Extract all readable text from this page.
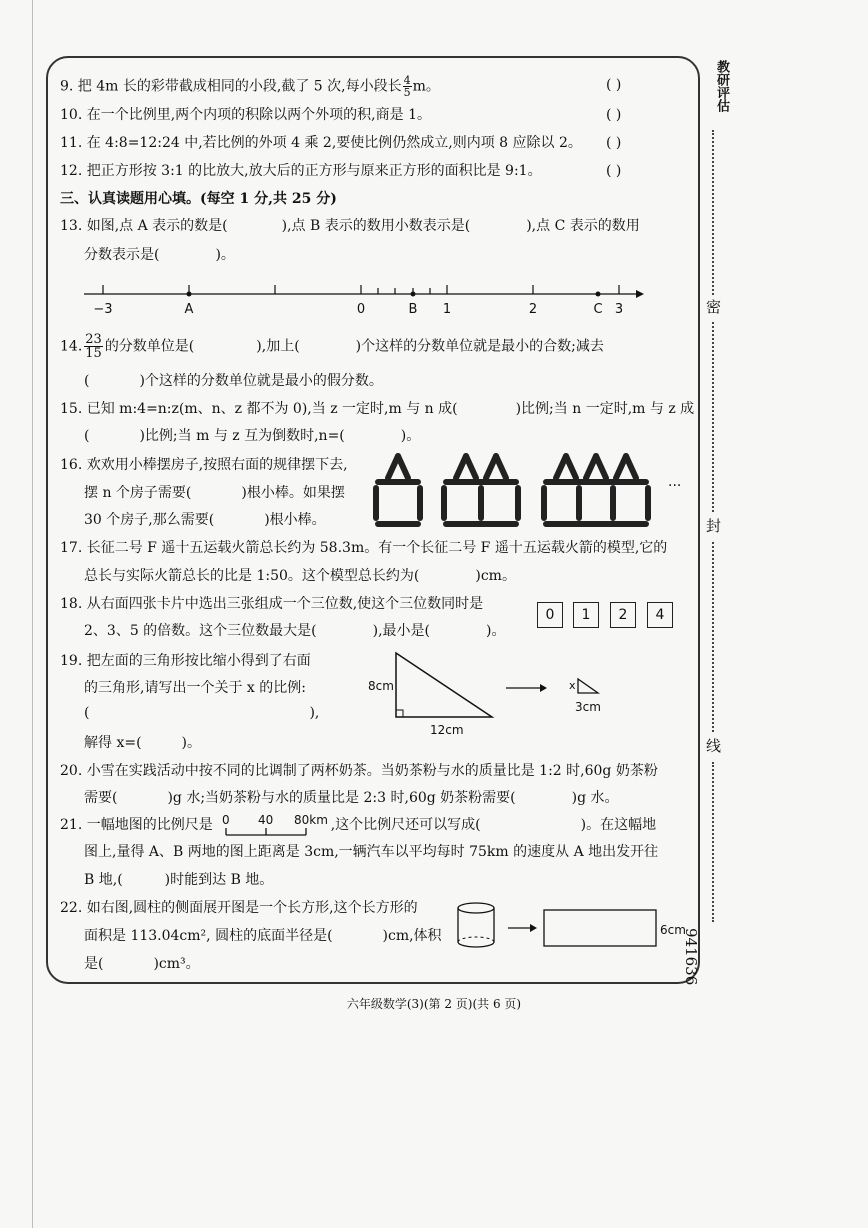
教研评估
密
封
线
941636
9. 把 4m 长的彩带截成相同的小段,截了 5 次,每小段长 $\frac{4}{5}$ m。	( )
10. 在一个比例里,两个内项的积除以两个外项的积,商是 1。	( )
11. 在 4:8=12:24 中,若比例的外项 4 乘 2,要使比例仍然成立,则内项 8 应除以 2。 ( )
12. 把正方形按 3:1 的比放大,放大后的正方形与原来正方形的面积比是 9:1。	( )
三、认真读题用心填。(每空 1 分,共 25 分)
13. 如图,点 A 表示的数是(	),点 B 表示的数用小数表示是(	),点 C 表示的数用
分数表示是(	)。
−3	A	0	B 1	2	C 3
14. $\frac{23}{15}$ 的分数单位是(	),加上(	)个这样的分数单位就是最小的合数;减去
(	)个这样的分数单位就是最小的假分数。
15. 已知 m:4=n:z(m、n、z 都不为 0),当 z 一定时,m 与 n 成(	)比例;当 n 一定时,m 与 z 成
(	)比例;当 m 与 z 互为倒数时,n=(	)。
16. 欢欢用小棒摆房子,按照右面的规律摆下去,
摆 n 个房子需要(	)根小棒。如果摆
30 个房子,那么需要(	)根小棒。
···
17. 长征二号 F 遥十五运载火箭总长约为 58.3m。有一个长征二号 F 遥十五运载火箭的模型,它的
总长与实际火箭总长的比是 1:50。这个模型总长约为(	)cm。
18. 从右面四张卡片中选出三张组成一个三位数,使这个三位数同时是
2、3、5 的倍数。这个三位数最大是(	),最小是(	)。
0	1	2	4
19. 把左面的三角形按比缩小得到了右面
的三角形,请写出一个关于 x 的比例:
(	),
解得 x=(	)。
8cm
12cm
x
3cm
20. 小雪在实践活动中按不同的比调制了两杯奶茶。当奶茶粉与水的质量比是 1:2 时,60g 奶茶粉
需要(	)g 水;当奶茶粉与水的质量比是 2:3 时,60g 奶茶粉需要(	)g 水。
21. 一幅地图的比例尺是	,这个比例尺还可以写成(	)。在这幅地
0 40 80km
图上,量得 A、B 两地的图上距离是 3cm,一辆汽车以平均每时 75km 的速度从 A 地出发开往
B 地,(	)时能到达 B 地。
22. 如右图,圆柱的侧面展开图是一个长方形,这个长方形的
面积是 113.04cm², 圆柱的底面半径是(	)cm,体积
是(	)cm³。
6cm
六年级数学(3)(第 2 页)(共 6 页)
